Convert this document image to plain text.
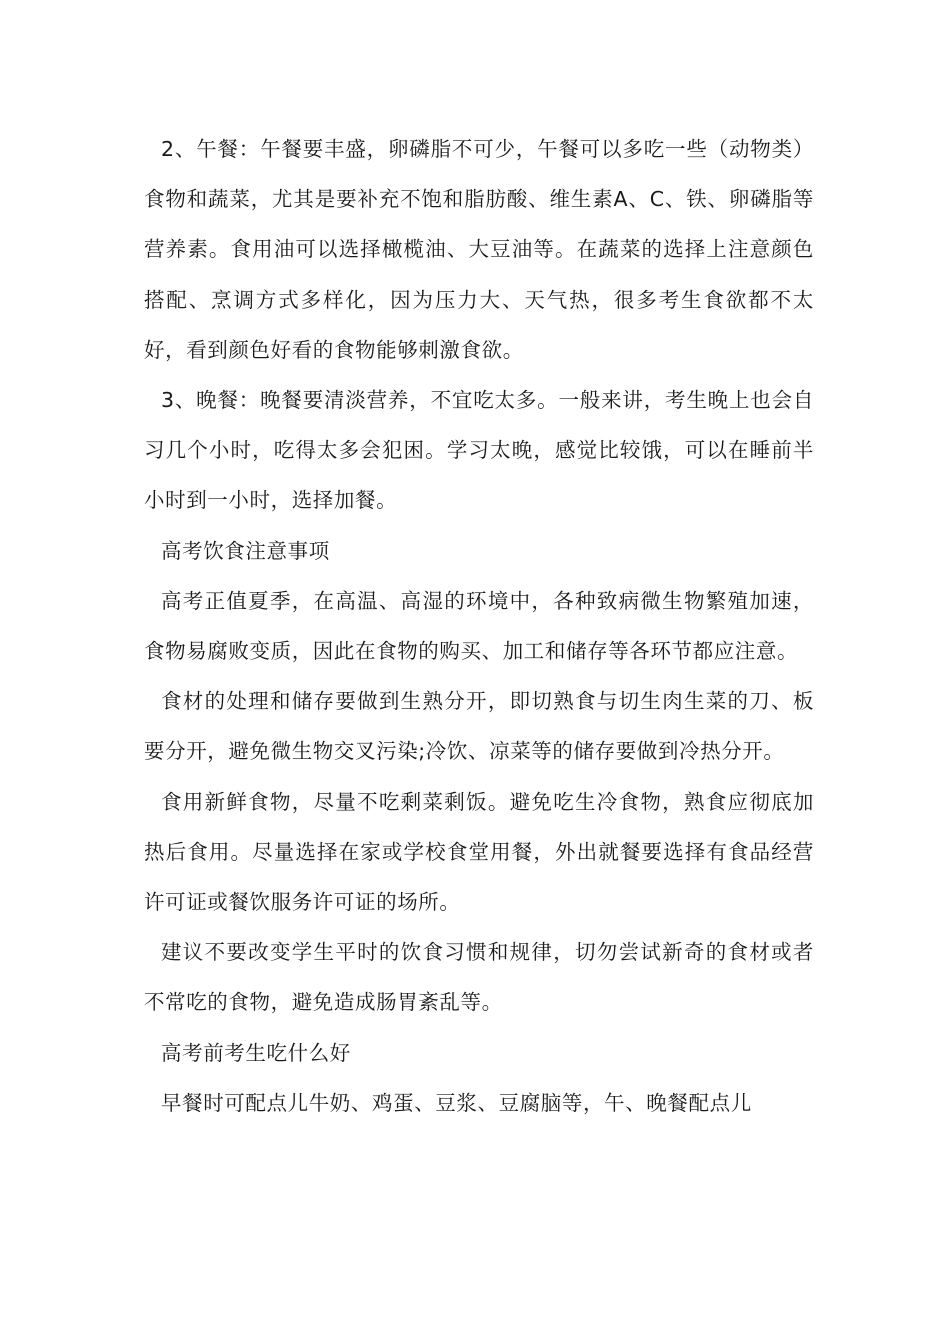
2、午餐：午餐要丰盛，卵磷脂不可少，午餐可以多吃一些（动物类）食物和蔬菜，尤其是要补充不饱和脂肪酸、维生素A、C、铁、卵磷脂等营养素。食用油可以选择橄榄油、大豆油等。在蔬菜的选择上注意颜色搭配、烹调方式多样化，因为压力大、天气热，很多考生食欲都不太好，看到颜色好看的食物能够刺激食欲。

3、晚餐：晚餐要清淡营养，不宜吃太多。一般来讲，考生晚上也会自习几个小时，吃得太多会犯困。学习太晚，感觉比较饿，可以在睡前半小时到一小时，选择加餐。

高考饮食注意事项

高考正值夏季，在高温、高湿的环境中，各种致病微生物繁殖加速，食物易腐败变质，因此在食物的购买、加工和储存等各环节都应注意。

食材的处理和储存要做到生熟分开，即切熟食与切生肉生菜的刀、板要分开，避免微生物交叉污染;冷饮、凉菜等的储存要做到冷热分开。

食用新鲜食物，尽量不吃剩菜剩饭。避免吃生冷食物，熟食应彻底加热后食用。尽量选择在家或学校食堂用餐，外出就餐要选择有食品经营许可证或餐饮服务许可证的场所。

建议不要改变学生平时的饮食习惯和规律，切勿尝试新奇的食材或者不常吃的食物，避免造成肠胃紊乱等。

高考前考生吃什么好

早餐时可配点儿牛奶、鸡蛋、豆浆、豆腐脑等，午、晚餐配点儿
